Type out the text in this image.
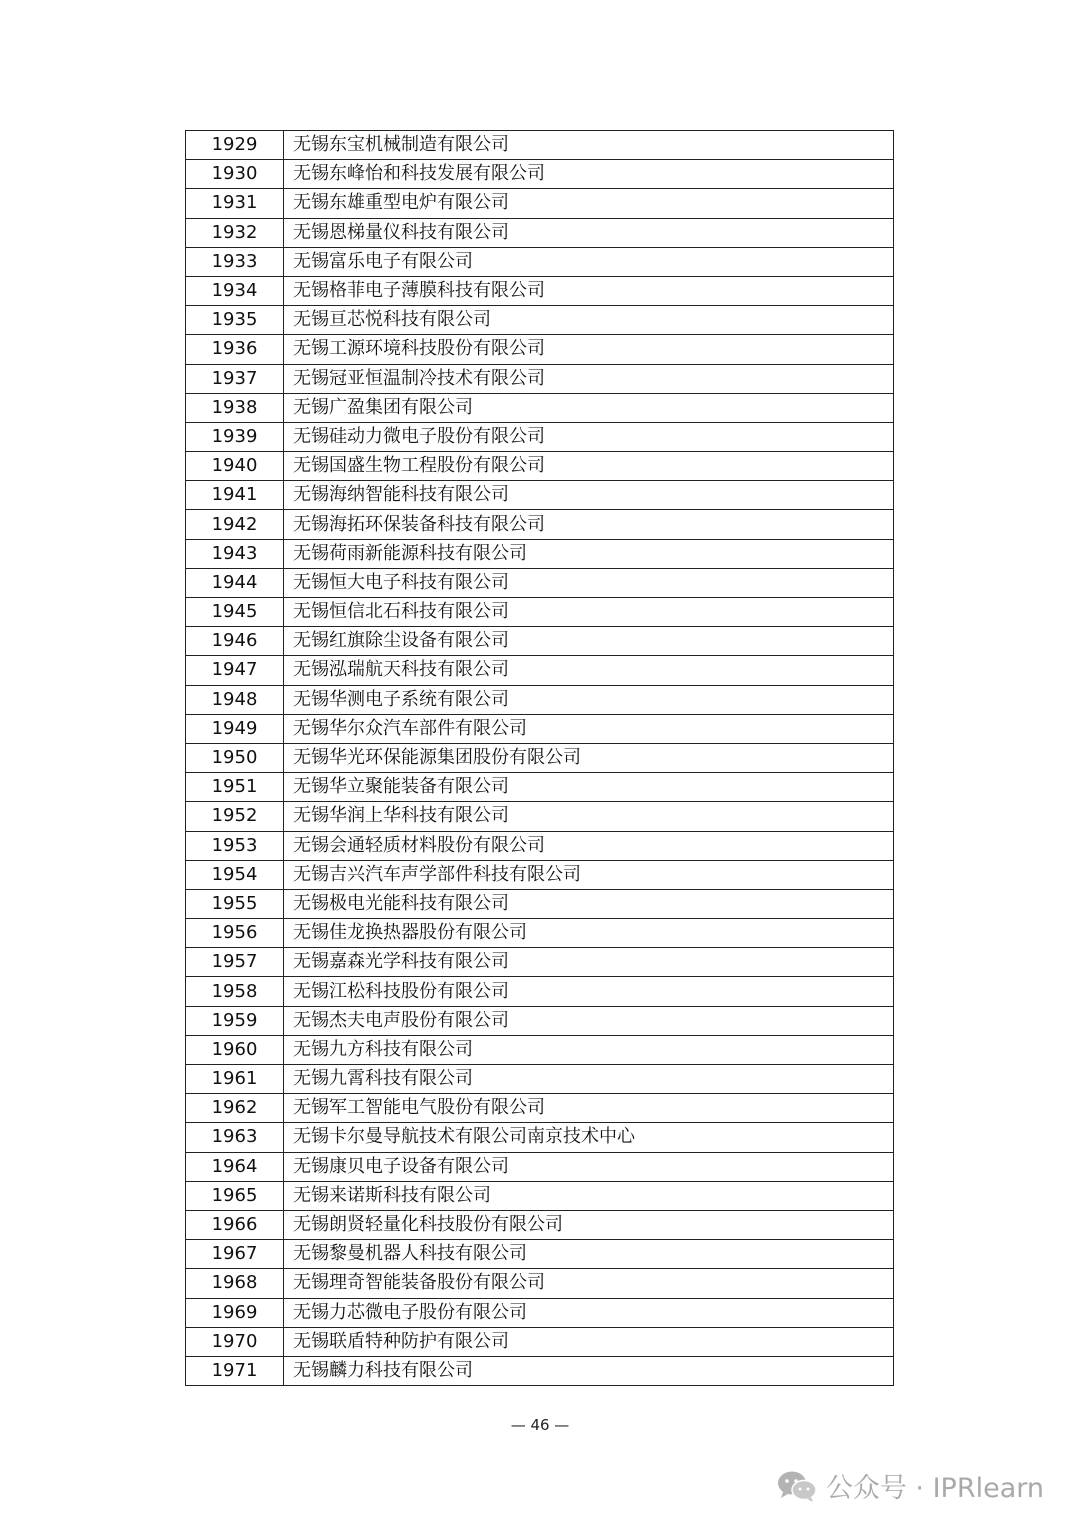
1929	无锡东宝机械制造有限公司
1930	无锡东峰怡和科技发展有限公司
1931	无锡东雄重型电炉有限公司
1932	无锡恩梯量仪科技有限公司
1933	无锡富乐电子有限公司
1934	无锡格菲电子薄膜科技有限公司
1935	无锡亘芯悦科技有限公司
1936	无锡工源环境科技股份有限公司
1937	无锡冠亚恒温制冷技术有限公司
1938	无锡广盈集团有限公司
1939	无锡硅动力微电子股份有限公司
1940	无锡国盛生物工程股份有限公司
1941	无锡海纳智能科技有限公司
1942	无锡海拓环保装备科技有限公司
1943	无锡荷雨新能源科技有限公司
1944	无锡恒大电子科技有限公司
1945	无锡恒信北石科技有限公司
1946	无锡红旗除尘设备有限公司
1947	无锡泓瑞航天科技有限公司
1948	无锡华测电子系统有限公司
1949	无锡华尔众汽车部件有限公司
1950	无锡华光环保能源集团股份有限公司
1951	无锡华立聚能装备有限公司
1952	无锡华润上华科技有限公司
1953	无锡会通轻质材料股份有限公司
1954	无锡吉兴汽车声学部件科技有限公司
1955	无锡极电光能科技有限公司
1956	无锡佳龙换热器股份有限公司
1957	无锡嘉森光学科技有限公司
1958	无锡江松科技股份有限公司
1959	无锡杰夫电声股份有限公司
1960	无锡九方科技有限公司
1961	无锡九霄科技有限公司
1962	无锡军工智能电气股份有限公司
1963	无锡卡尔曼导航技术有限公司南京技术中心
1964	无锡康贝电子设备有限公司
1965	无锡来诺斯科技有限公司
1966	无锡朗贤轻量化科技股份有限公司
1967	无锡黎曼机器人科技有限公司
1968	无锡理奇智能装备股份有限公司
1969	无锡力芯微电子股份有限公司
1970	无锡联盾特种防护有限公司
1971	无锡麟力科技有限公司
— 46 —
公众号 · IPRlearn
